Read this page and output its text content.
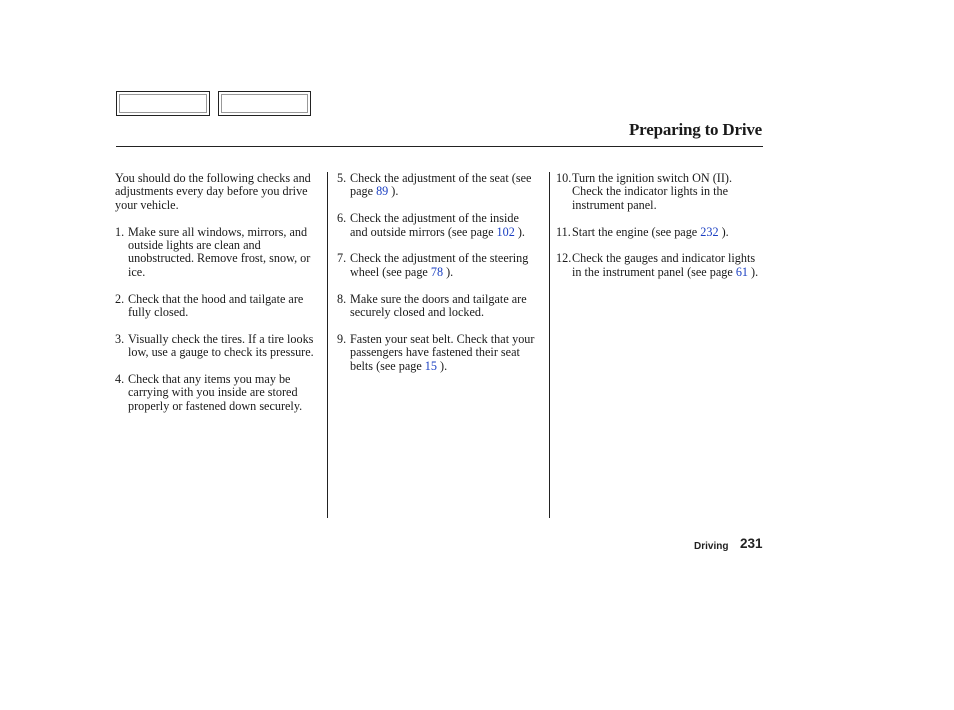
Preparing to Drive

You should do the following checks and adjustments every day before you drive your vehicle.

1. Make sure all windows, mirrors, and outside lights are clean and unobstructed. Remove frost, snow, or ice.
2. Check that the hood and tailgate are fully closed.
3. Visually check the tires. If a tire looks low, use a gauge to check its pressure.
4. Check that any items you may be carrying with you inside are stored properly or fastened down securely.
5. Check the adjustment of the seat (see page 89 ).
6. Check the adjustment of the inside and outside mirrors (see page 102 ).
7. Check the adjustment of the steering wheel (see page 78 ).
8. Make sure the doors and tailgate are securely closed and locked.
9. Fasten your seat belt. Check that your passengers have fastened their seat belts (see page 15 ).
10. Turn the ignition switch ON (II). Check the indicator lights in the instrument panel.
11. Start the engine (see page 232 ).
12. Check the gauges and indicator lights in the instrument panel (see page 61 ).
Driving 231
